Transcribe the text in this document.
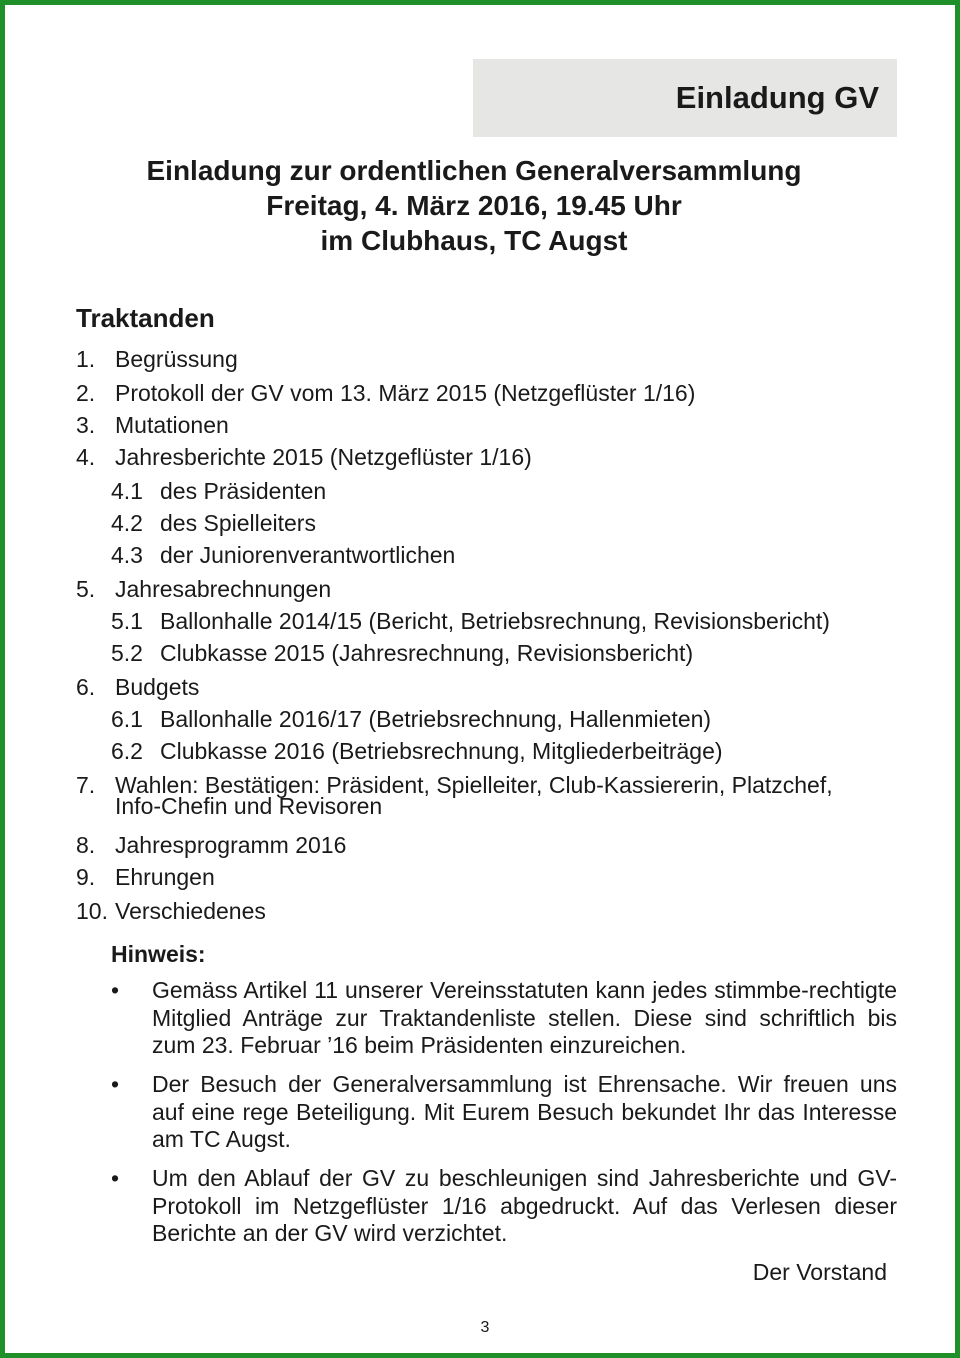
Einladung GV
Einladung zur ordentlichen Generalversammlung
Freitag, 4. März 2016, 19.45 Uhr
im Clubhaus, TC Augst
Traktanden
1. Begrüssung
2. Protokoll der GV vom 13. März 2015 (Netzgeflüster 1/16)
3. Mutationen
4. Jahresberichte 2015 (Netzgeflüster 1/16)
4.1 des Präsidenten
4.2 des Spielleiters
4.3 der Juniorenverantwortlichen
5. Jahresabrechnungen
5.1 Ballonhalle 2014/15 (Bericht, Betriebsrechnung, Revisionsbericht)
5.2 Clubkasse 2015 (Jahresrechnung, Revisionsbericht)
6. Budgets
6.1 Ballonhalle 2016/17 (Betriebsrechnung, Hallenmieten)
6.2 Clubkasse 2016 (Betriebsrechnung, Mitgliederbeiträge)
7. Wahlen: Bestätigen: Präsident, Spielleiter, Club-Kassiererin, Platzchef,
Info-Chefin und Revisoren
8. Jahresprogramm 2016
9. Ehrungen
10. Verschiedenes
Hinweis:
• Gemäss Artikel 11 unserer Vereinsstatuten kann jedes stimmbe-rechtigte Mitglied Anträge zur Traktandenliste stellen. Diese sind schriftlich bis zum 23. Februar ’16 beim Präsidenten einzureichen.
• Der Besuch der Generalversammlung ist Ehrensache. Wir freuen uns auf eine rege Beteiligung. Mit Eurem Besuch bekundet Ihr das Interesse am TC Augst.
• Um den Ablauf der GV zu beschleunigen sind Jahresberichte und GV-Protokoll im Netzgeflüster 1/16 abgedruckt. Auf das Verlesen dieser Berichte an der GV wird verzichtet.
Der Vorstand
3
